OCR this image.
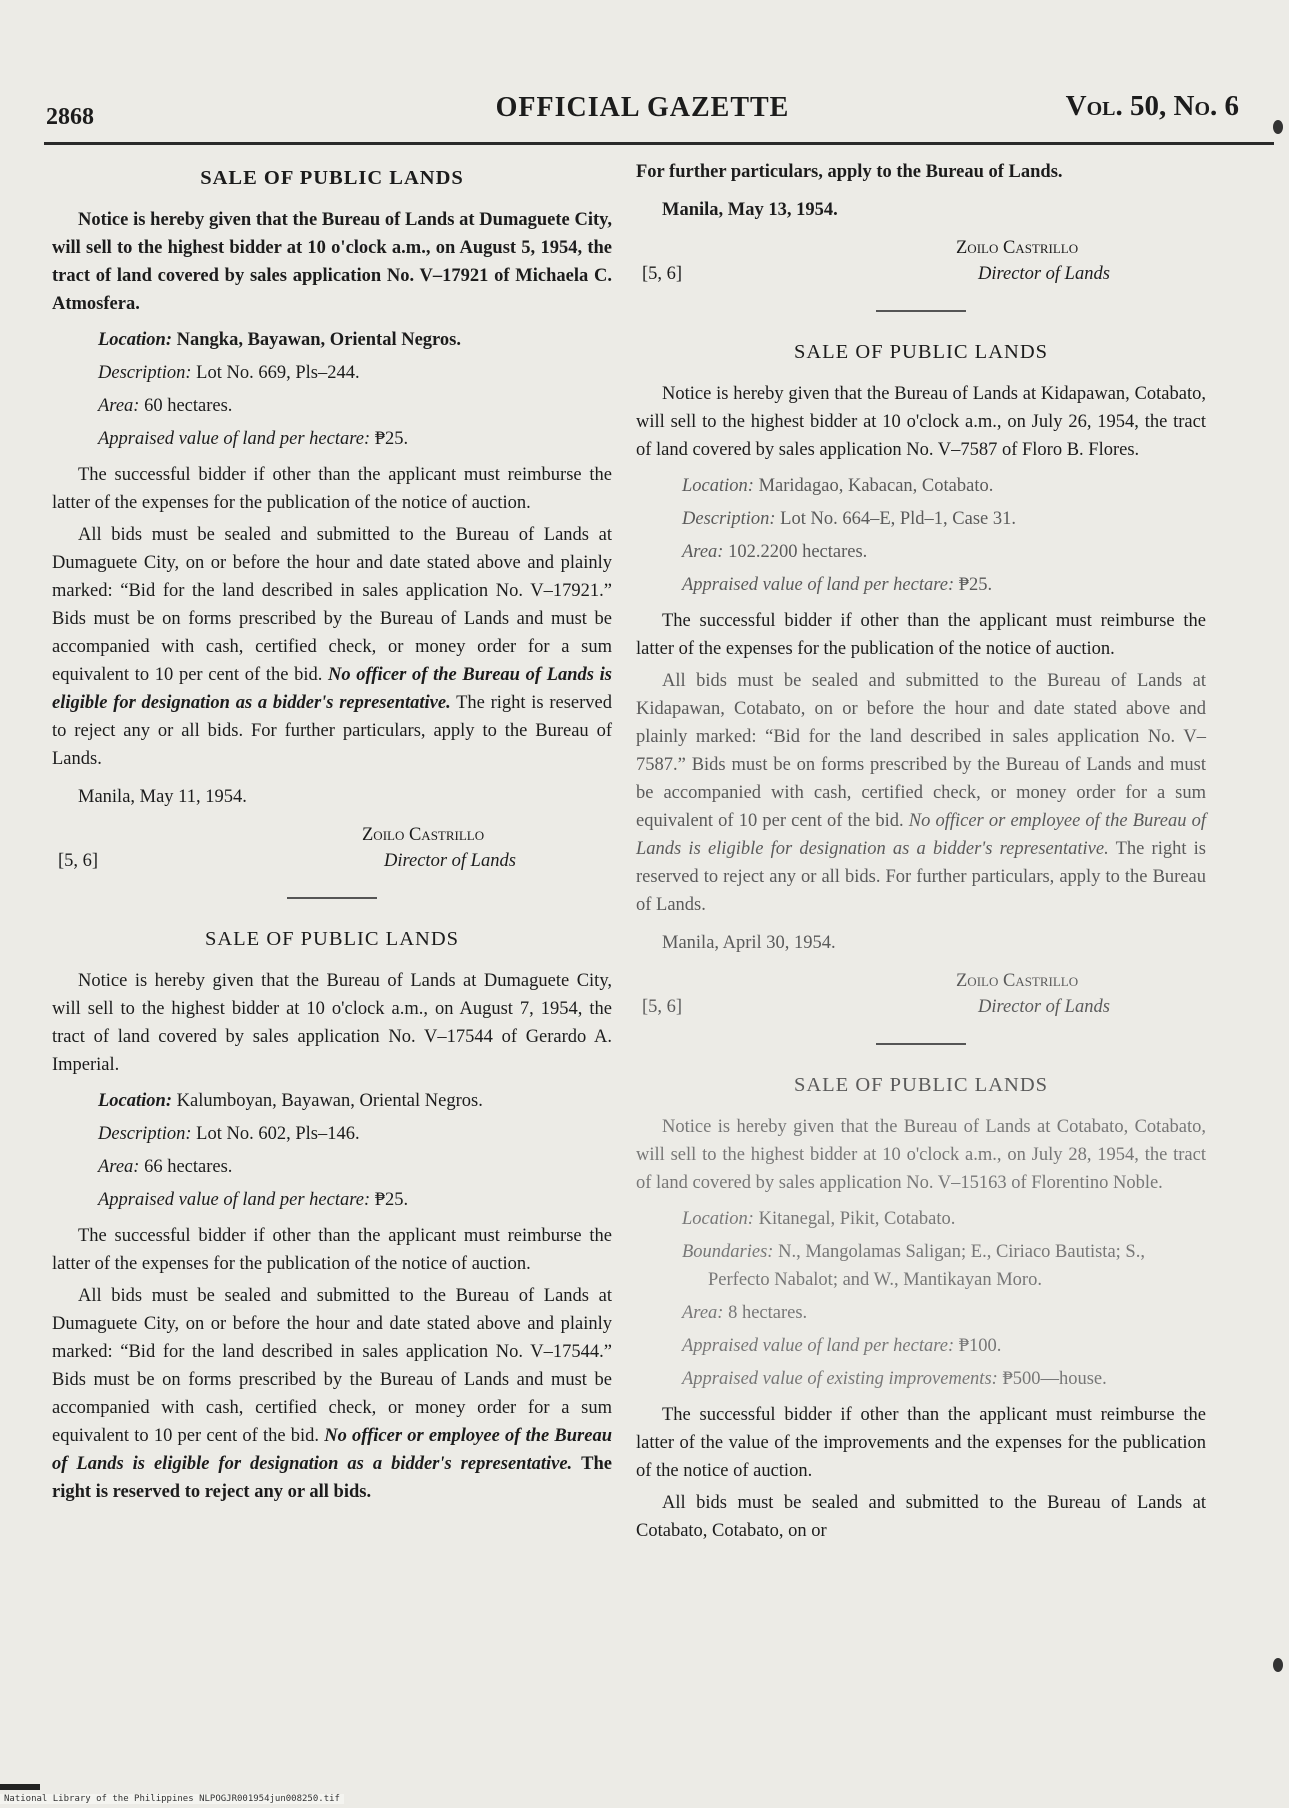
2868	OFFICIAL GAZETTE	Vol. 50, No. 6
SALE OF PUBLIC LANDS

Notice is hereby given that the Bureau of Lands at Dumaguete City, will sell to the highest bidder at 10 o'clock a.m., on August 5, 1954, the tract of land covered by sales application No. V–17921 of Michaela C. Atmosfera.

Location: Nangka, Bayawan, Oriental Negros.
Description: Lot No. 669, Pls–244.
Area: 60 hectares.
Appraised value of land per hectare: ₱25.

The successful bidder if other than the applicant must reimburse the latter of the expenses for the publication of the notice of auction.

All bids must be sealed and submitted to the Bureau of Lands at Dumaguete City, on or before the hour and date stated above and plainly marked: “Bid for the land described in sales application No. V–17921.” Bids must be on forms prescribed by the Bureau of Lands and must be accompanied with cash, certified check, or money order for a sum equivalent to 10 per cent of the bid. No officer of the Bureau of Lands is eligible for designation as a bidder's representative. The right is reserved to reject any or all bids. For further particulars, apply to the Bureau of Lands.

Manila, May 11, 1954.
Zoilo Castrillo
Director of Lands
[5, 6]
SALE OF PUBLIC LANDS

Notice is hereby given that the Bureau of Lands at Dumaguete City, will sell to the highest bidder at 10 o'clock a.m., on August 7, 1954, the tract of land covered by sales application No. V–17544 of Gerardo A. Imperial.

Location: Kalumboyan, Bayawan, Oriental Negros.
Description: Lot No. 602, Pls–146.
Area: 66 hectares.
Appraised value of land per hectare: ₱25.

The successful bidder if other than the applicant must reimburse the latter of the expenses for the publication of the notice of auction.

All bids must be sealed and submitted to the Bureau of Lands at Dumaguete City, on or before the hour and date stated above and plainly marked: “Bid for the land described in sales application No. V–17544.” Bids must be on forms prescribed by the Bureau of Lands and must be accompanied with cash, certified check, or money order for a sum equivalent to 10 per cent of the bid. No officer or employee of the Bureau of Lands is eligible for designation as a bidder's representative. The right is reserved to reject any or all bids.

For further particulars, apply to the Bureau of Lands.

Manila, May 13, 1954.
Zoilo Castrillo
Director of Lands
[5, 6]
SALE OF PUBLIC LANDS

Notice is hereby given that the Bureau of Lands at Kidapawan, Cotabato, will sell to the highest bidder at 10 o'clock a.m., on July 26, 1954, the tract of land covered by sales application No. V–7587 of Floro B. Flores.

Location: Maridagao, Kabacan, Cotabato.
Description: Lot No. 664–E, Pld–1, Case 31.
Area: 102.2200 hectares.
Appraised value of land per hectare: ₱25.

The successful bidder if other than the applicant must reimburse the latter of the expenses for the publication of the notice of auction.

All bids must be sealed and submitted to the Bureau of Lands at Kidapawan, Cotabato, on or before the hour and date stated above and plainly marked: “Bid for the land described in sales application No. V–7587.” Bids must be on forms prescribed by the Bureau of Lands and must be accompanied with cash, certified check, or money order for a sum equivalent of 10 per cent of the bid. No officer or employee of the Bureau of Lands is eligible for designation as a bidder's representative. The right is reserved to reject any or all bids. For further particulars, apply to the Bureau of Lands.

Manila, April 30, 1954.
Zoilo Castrillo
Director of Lands
[5, 6]
SALE OF PUBLIC LANDS

Notice is hereby given that the Bureau of Lands at Cotabato, Cotabato, will sell to the highest bidder at 10 o'clock a.m., on July 28, 1954, the tract of land covered by sales application No. V–15163 of Florentino Noble.

Location: Kitanegal, Pikit, Cotabato.
Boundaries: N., Mangolamas Saligan; E., Ciriaco Bautista; S., Perfecto Nabalot; and W., Mantikayan Moro.
Area: 8 hectares.
Appraised value of land per hectare: ₱100.
Appraised value of existing improvements: ₱500—house.

The successful bidder if other than the applicant must reimburse the latter of the value of the improvements and the expenses for the publication of the notice of auction.

All bids must be sealed and submitted to the Bureau of Lands at Cotabato, Cotabato, on or

National Library of the Philippines NLPOGJR001954jun008250.tif
